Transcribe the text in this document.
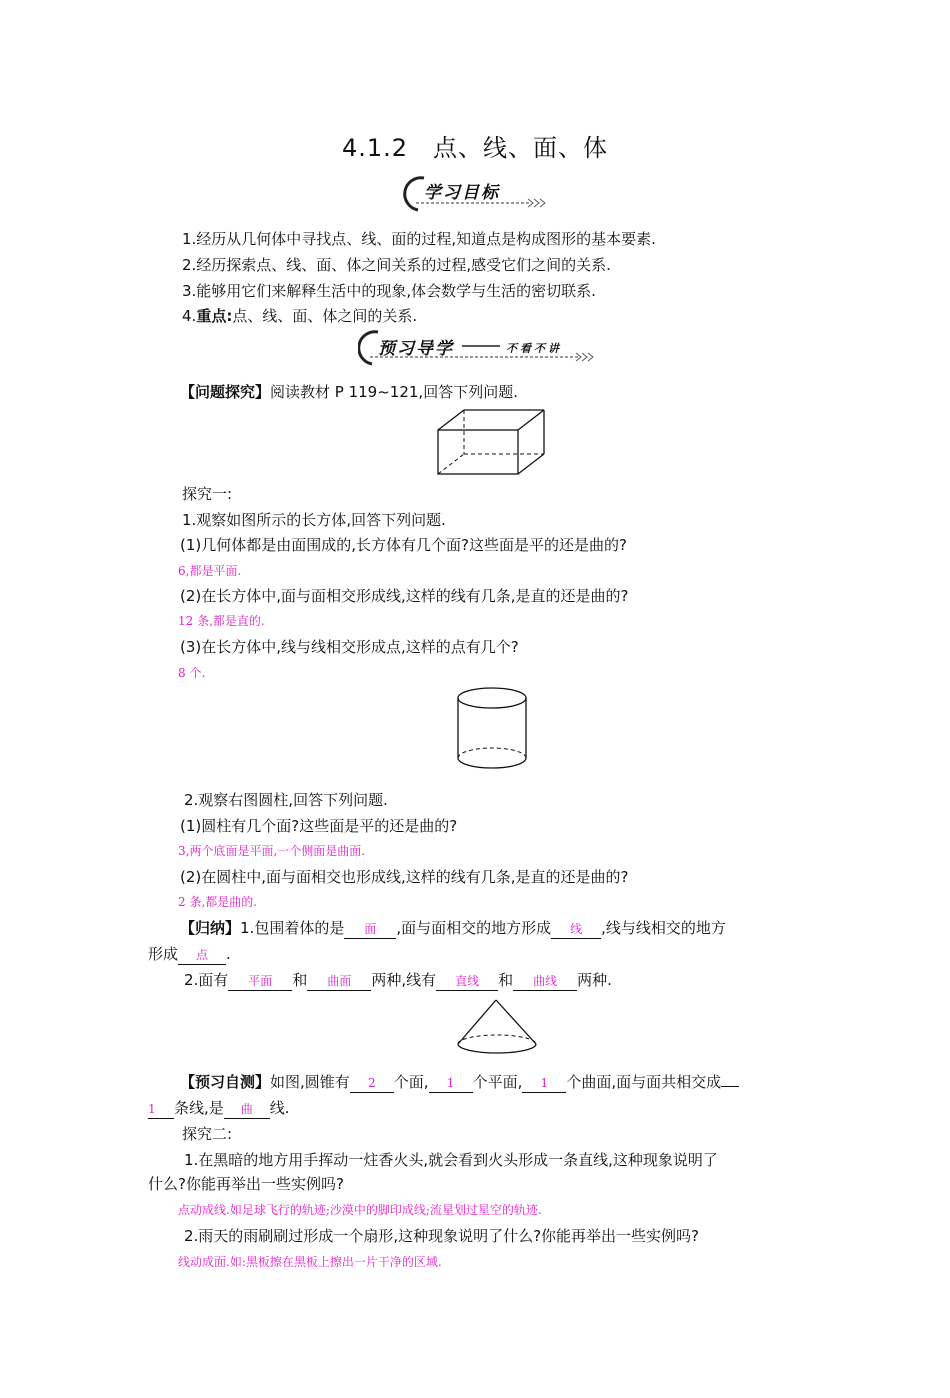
4.1.2　点、线、面、体
学习目标
1.经历从几何体中寻找点、线、面的过程,知道点是构成图形的基本要素.
2.经历探索点、线、面、体之间关系的过程,感受它们之间的关系.
3.能够用它们来解释生活中的现象,体会数学与生活的密切联系.
4.重点:点、线、面、体之间的关系.
预习导学	不看不讲
【问题探究】阅读教材 P 119~121,回答下列问题.
探究一:
1.观察如图所示的长方体,回答下列问题.
(1)几何体都是由面围成的,长方体有几个面?这些面是平的还是曲的?
6,都是平面.
(2)在长方体中,面与面相交形成线,这样的线有几条,是直的还是曲的?
12 条,都是直的.
(3)在长方体中,线与线相交形成点,这样的点有几个?
8 个.
2.观察右图圆柱,回答下列问题.
(1)圆柱有几个面?这些面是平的还是曲的?
3,两个底面是平面,一个侧面是曲面.
(2)在圆柱中,面与面相交也形成线,这样的线有几条,是直的还是曲的?
2 条,都是曲的.
【归纳】1.包围着体的是 面 ,面与面相交的地方形成 线 ,线与线相交的地方
形成 点 .
2.面有 平面 和 曲面 两种,线有 直线 和 曲线 两种.
【预习自测】如图,圆锥有 2 个面, 1 个平面, 1 个曲面,面与面共相交成
1 条线,是 曲 线.
探究二:
1.在黑暗的地方用手挥动一炷香火头,就会看到火头形成一条直线,这种现象说明了
什么?你能再举出一些实例吗?
点动成线.如足球飞行的轨迹;沙漠中的脚印成线;流星划过星空的轨迹.
2.雨天的雨刷刷过形成一个扇形,这种现象说明了什么?你能再举出一些实例吗?
线动成面.如:黑板擦在黑板上擦出一片干净的区域.
